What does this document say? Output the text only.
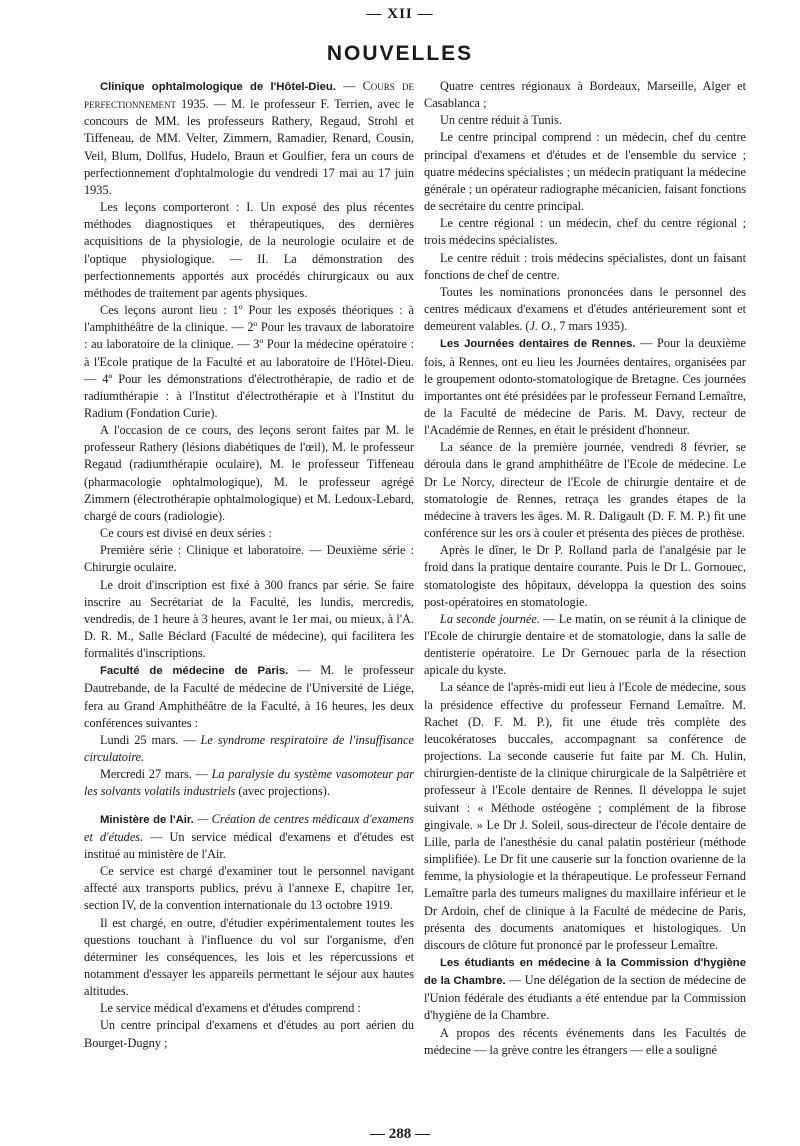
— XII —
NOUVELLES

Clinique ophtalmologique de l'Hôtel-Dieu. — Cours de perfectionnement 1935. — M. le professeur F. Terrien, avec le concours de MM. les professeurs Rathery, Regaud, Strohl et Tiffeneau, de MM. Velter, Zimmern, Ramadier, Renard, Cousin, Veil, Blum, Dollfus, Hudelo, Braun et Goulfier, fera un cours de perfectionnement d'ophtalmologie du vendredi 17 mai au 17 juin 1935.

Les leçons comporteront : I. Un exposé des plus récentes méthodes diagnostiques et thérapeutiques, des dernières acquisitions de la physiologie, de la neurologie oculaire et de l'optique physiologique. — II. La démonstration des perfectionnements apportés aux procédés chirurgicaux ou aux méthodes de traitement par agents physiques.

Ces leçons auront lieu : 1º Pour les exposés théoriques : à l'amphithéâtre de la clinique. — 2º Pour les travaux de laboratoire : au laboratoire de la clinique. — 3º Pour la médecine opératoire : à l'Ecole pratique de la Faculté et au laboratoire de l'Hôtel-Dieu. — 4º Pour les démonstrations d'électrothérapie, de radio et de radiumthérapie : à l'Institut d'électrothérapie et à l'Institut du Radium (Fondation Curie).

A l'occasion de ce cours, des leçons seront faites par M. le professeur Rathery (lésions diabétiques de l'œil), M. le professeur Regaud (radiumthérapie oculaire), M. le professeur Tiffeneau (pharmacologie ophtalmologique), M. le professeur agrégé Zimmern (électrothérapie ophtalmologique) et M. Ledoux-Lebard, chargé de cours (radiologie).

Ce cours est divisé en deux séries :

Première série : Clinique et laboratoire. — Deuxième série : Chirurgie oculaire.

Le droit d'inscription est fixé à 300 francs par série. Se faire inscrire au Secrétariat de la Faculté, les lundis, mercredis, vendredis, de 1 heure à 3 heures, avant le 1er mai, ou mieux, à l'A. D. R. M., Salle Béclard (Faculté de médecine), qui facilitera les formalités d'inscriptions.

Faculté de médecine de Paris. — M. le professeur Dautrebande, de la Faculté de médecine de l'Université de Liége, fera au Grand Amphithéâtre de la Faculté, à 16 heures, les deux conférences suivantes :

Lundi 25 mars. — Le syndrome respiratoire de l'insuffisance circulatoire.

Mercredi 27 mars. — La paralysie du système vasomoteur par les solvants volatils industriels (avec projections).

Ministère de l'Air. — Création de centres médicaux d'examens et d'études. — Un service médical d'examens et d'études est institué au ministère de l'Air.

Ce service est chargé d'examiner tout le personnel navigant affecté aux transports publics, prévu à l'annexe E, chapitre 1er, section IV, de la convention internationale du 13 octobre 1919.

Il est chargé, en outre, d'étudier expérimentalement toutes les questions touchant à l'influence du vol sur l'organisme, d'en déterminer les conséquences, les lois et les répercussions et notamment d'essayer les appareils permettant le séjour aux hautes altitudes.

Le service médical d'examens et d'études comprend :

Un centre principal d'examens et d'études au port aérien du Bourget-Dugny ;

Quatre centres régionaux à Bordeaux, Marseille, Alger et Casablanca ;

Un centre réduit à Tunis.

Le centre principal comprend : un médecin, chef du centre principal d'examens et d'études et de l'ensemble du service ; quatre médecins spécialistes ; un médecin pratiquant la médecine générale ; un opérateur radiographe mécanicien, faisant fonctions de secrétaire du centre principal.

Le centre régional : un médecin, chef du centre régional ; trois médecins spécialistes.

Le centre réduit : trois médecins spécialistes, dont un faisant fonctions de chef de centre.

Toutes les nominations prononcées dans le personnel des centres médicaux d'examens et d'études antérieurement sont et demeurent valables. (J. O., 7 mars 1935).

Les Journées dentaires de Rennes. — Pour la deuxième fois, à Rennes, ont eu lieu les Journées dentaires, organisées par le groupement odonto-stomatologique de Bretagne. Ces journées importantes ont été présidées par le professeur Fernand Lemaître, de la Faculté de médecine de Paris. M. Davy, recteur de l'Académie de Rennes, en était le président d'honneur.

La séance de la première journée, vendredi 8 février, se déroula dans le grand amphithéâtre de l'Ecole de médecine. Le Dr Le Norcy, directeur de l'Ecole de chirurgie dentaire et de stomatologie de Rennes, retraça les grandes étapes de la médecine à travers les âges. M. R. Daligault (D. F. M. P.) fit une conférence sur les ors à couler et présenta des pièces de prothèse.

Après le dîner, le Dr P. Rolland parla de l'analgésie par le froid dans la pratique dentaire courante. Puis le Dr L. Gornouec, stomatologiste des hôpitaux, développa la question des soins post-opératoires en stomatologie.

La seconde journée. — Le matin, on se réunit à la clinique de l'Ecole de chirurgie dentaire et de stomatologie, dans la salle de dentisterie opératoire. Le Dr Gernouec parla de la résection apicale du kyste.

La séance de l'après-midi eut lieu à l'Ecole de médecine, sous la présidence effective du professeur Fernand Lemaître. M. Rachet (D. F. M. P.), fit une étude très complète des leucokératoses buccales, accompagnant sa conférence de projections. La seconde causerie fut faite par M. Ch. Hulin, chirurgien-dentiste de la clinique chirurgicale de la Salpêtrière et professeur à l'Ecole dentaire de Rennes. Il développa le sujet suivant : « Méthode ostéogène ; complément de la fibrose gingivale. » Le Dr J. Soleil, sous-directeur de l'école dentaire de Lille, parla de l'anesthésie du canal palatin postérieur (méthode simplifiée). Le Dr fit une causerie sur la fonction ovarienne de la femme, la physiologie et la thérapeutique. Le professeur Fernand Lemaître parla des tumeurs malignes du maxillaire inférieur et le Dr Ardoin, chef de clinique à la Faculté de médecine de Paris, présenta des documents anatomiques et histologiques. Un discours de clôture fut prononcé par le professeur Lemaître.

Les étudiants en médecine à la Commission d'hygiène de la Chambre. — Une délégation de la section de médecine de l'Union fédérale des étudiants a été entendue par la Commission d'hygiène de la Chambre.

A propos des récents événements dans les Facultés de médecine — la grève contre les étrangers — elle a souligné

— 288 —
